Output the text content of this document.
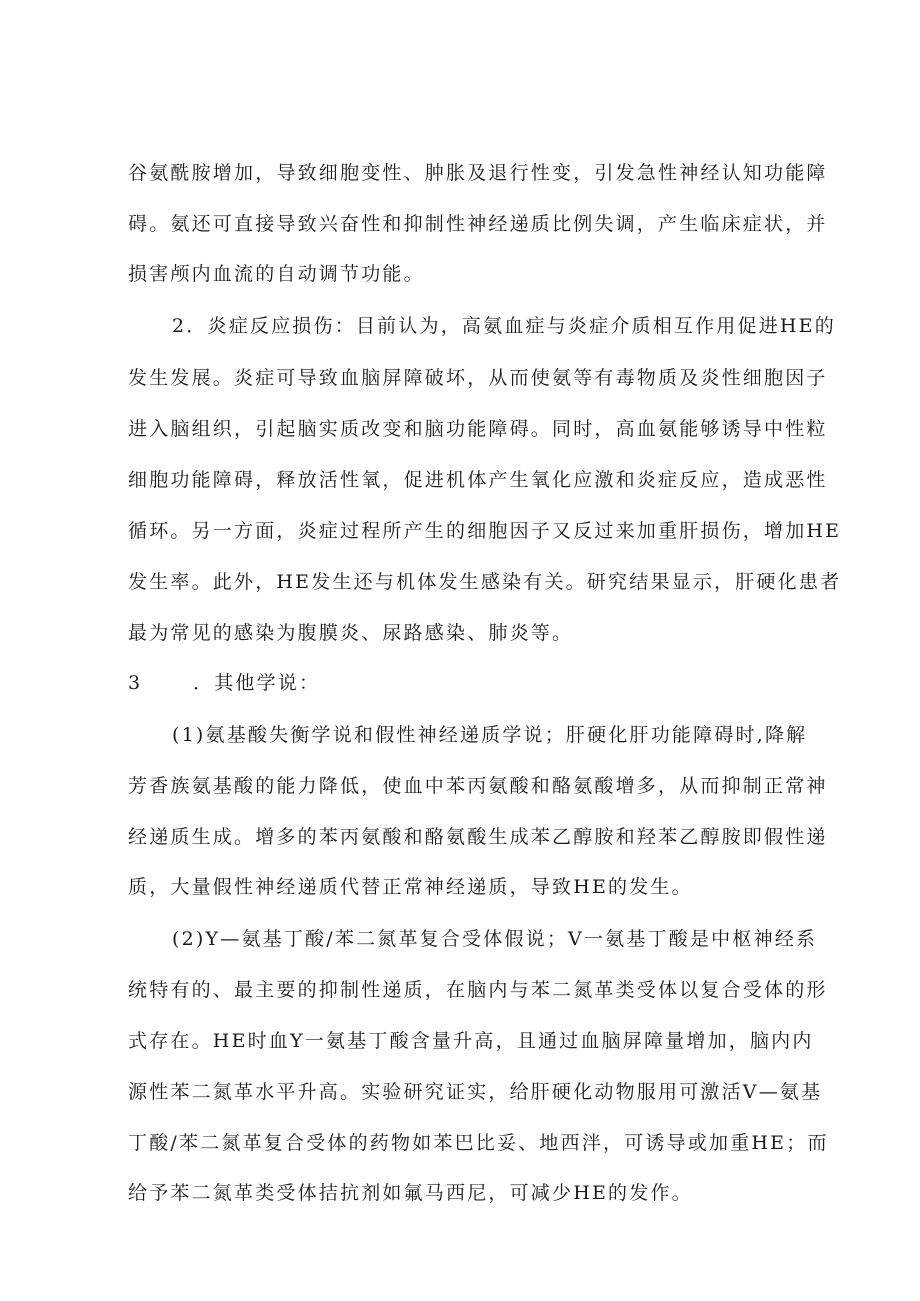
谷氨酰胺增加，导致细胞变性、肿胀及退行性变，引发急性神经认知功能障
碍。氨还可直接导致兴奋性和抑制性神经递质比例失调，产生临床症状，并
损害颅内血流的自动调节功能。
2．炎症反应损伤：目前认为，高氨血症与炎症介质相互作用促进HE的
发生发展。炎症可导致血脑屏障破坏，从而使氨等有毒物质及炎性细胞因子
进入脑组织，引起脑实质改变和脑功能障碍。同时，高血氨能够诱导中性粒
细胞功能障碍，释放活性氧，促进机体产生氧化应激和炎症反应，造成恶性
循环。另一方面，炎症过程所产生的细胞因子又反过来加重肝损伤，增加HE
发生率。此外，HE发生还与机体发生感染有关。研究结果显示，肝硬化患者
最为常见的感染为腹膜炎、尿路感染、肺炎等。
3	．其他学说：
(1)氨基酸失衡学说和假性神经递质学说；肝硬化肝功能障碍时,降解
芳香族氨基酸的能力降低，使血中苯丙氨酸和酪氨酸增多，从而抑制正常神
经递质生成。增多的苯丙氨酸和酪氨酸生成苯乙醇胺和羟苯乙醇胺即假性递
质，大量假性神经递质代替正常神经递质，导致HE的发生。
(2)Y—氨基丁酸/苯二氮革复合受体假说；V一氨基丁酸是中枢神经系
统特有的、最主要的抑制性递质，在脑内与苯二氮革类受体以复合受体的形
式存在。HE时血Y一氨基丁酸含量升高，且通过血脑屏障量增加，脑内内
源性苯二氮革水平升高。实验研究证实，给肝硬化动物服用可激活V—氨基
丁酸/苯二氮革复合受体的药物如苯巴比妥、地西泮，可诱导或加重HE；而
给予苯二氮革类受体拮抗剂如氟马西尼，可减少HE的发作。
